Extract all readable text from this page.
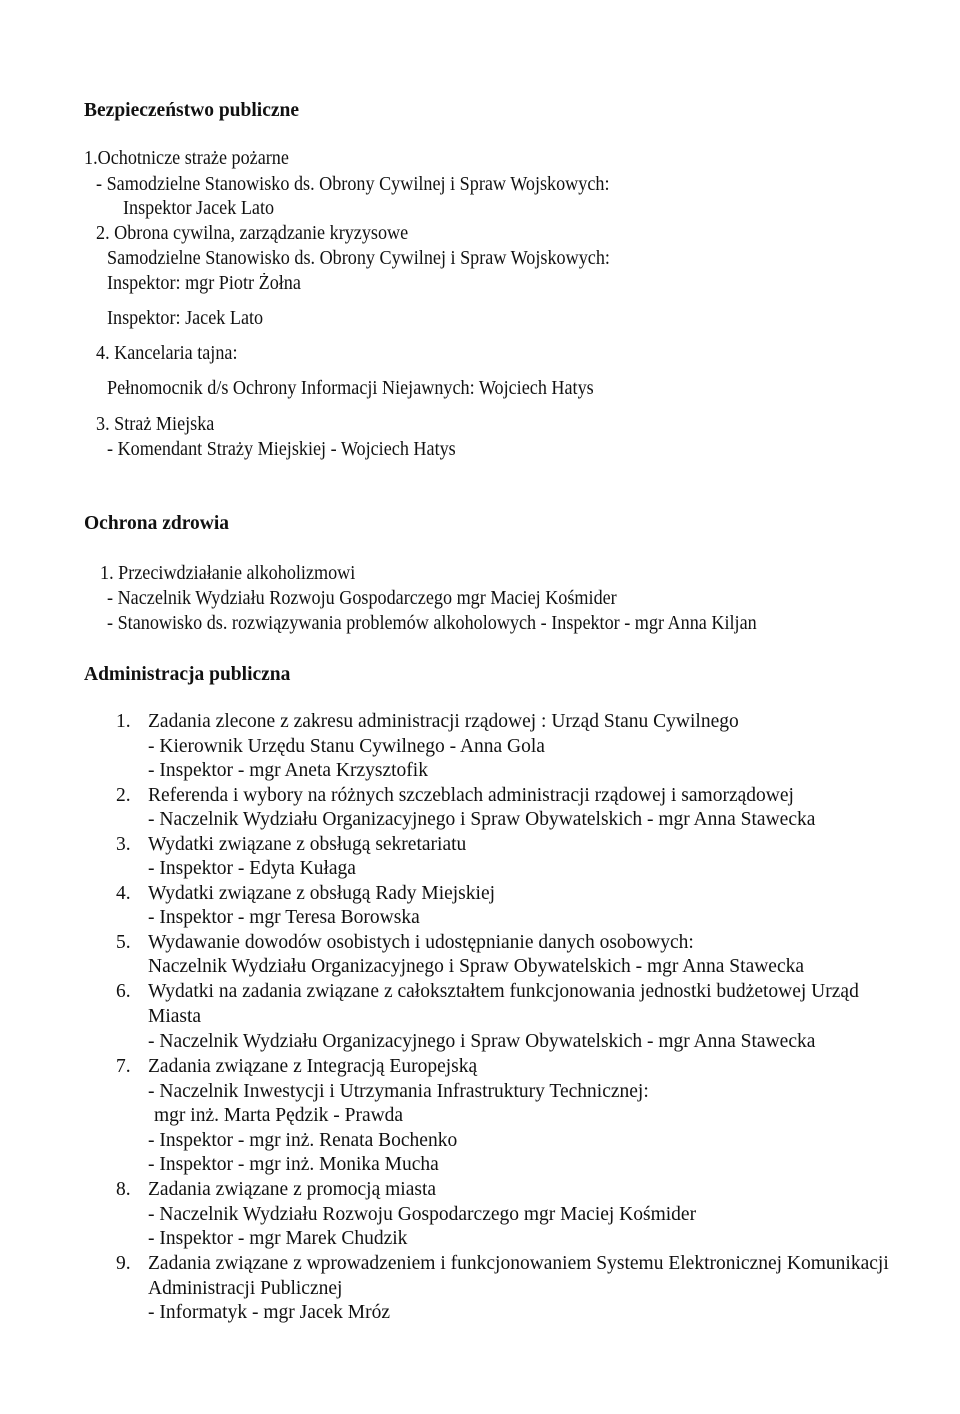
Bezpieczeństwo publiczne
1.Ochotnicze straże pożarne
- Samodzielne Stanowisko ds. Obrony Cywilnej i Spraw Wojskowych:
Inspektor Jacek Lato
2. Obrona cywilna, zarządzanie kryzysowe
Samodzielne Stanowisko ds. Obrony Cywilnej i Spraw Wojskowych:
Inspektor: mgr Piotr Żołna
Inspektor: Jacek Lato
4. Kancelaria tajna:
Pełnomocnik d/s Ochrony Informacji Niejawnych: Wojciech Hatys
3. Straż Miejska
- Komendant Straży Miejskiej - Wojciech Hatys
Ochrona zdrowia
1. Przeciwdziałanie alkoholizmowi
- Naczelnik Wydziału Rozwoju Gospodarczego mgr Maciej Kośmider
- Stanowisko ds. rozwiązywania problemów alkoholowych - Inspektor - mgr Anna Kiljan
Administracja publiczna
1.
2.
3.
4.
5.
6.
7.
8.
9.
Zadania zlecone z zakresu administracji rządowej : Urząd Stanu Cywilnego
- Kierownik Urzędu Stanu Cywilnego - Anna Gola
- Inspektor - mgr Aneta Krzysztofik
Referenda i wybory na różnych szczeblach administracji rządowej i samorządowej
- Naczelnik Wydziału Organizacyjnego i Spraw Obywatelskich - mgr Anna Stawecka
Wydatki związane z obsługą sekretariatu
- Inspektor - Edyta Kułaga
Wydatki związane z obsługą Rady Miejskiej
- Inspektor - mgr Teresa Borowska
Wydawanie dowodów osobistych i udostępnianie danych osobowych:
Naczelnik Wydziału Organizacyjnego i Spraw Obywatelskich - mgr Anna Stawecka
Wydatki na zadania związane z całokształtem funkcjonowania jednostki budżetowej Urząd
Miasta
- Naczelnik Wydziału Organizacyjnego i Spraw Obywatelskich - mgr Anna Stawecka
Zadania związane z Integracją Europejską
- Naczelnik Inwestycji i Utrzymania Infrastruktury Technicznej:
mgr inż. Marta Pędzik - Prawda
- Inspektor - mgr inż. Renata Bochenko
- Inspektor - mgr inż. Monika Mucha
Zadania związane z promocją miasta
- Naczelnik Wydziału Rozwoju Gospodarczego mgr Maciej Kośmider
- Inspektor - mgr Marek Chudzik
Zadania związane z wprowadzeniem i funkcjonowaniem Systemu Elektronicznej Komunikacji
Administracji Publicznej
- Informatyk - mgr Jacek Mróz
